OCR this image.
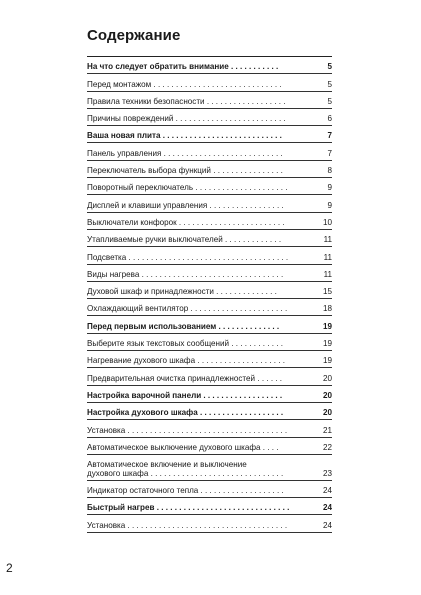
Содержание
На что следует обратить внимание . . . . . . . . . . .	5
Перед монтажом . . . . . . . . . . . . . . . . . . . . . . . . . . . . .	5
Правила техники безопасности . . . . . . . . . . . . . . . . . .	5
Причины повреждений . . . . . . . . . . . . . . . . . . . . . . . . .	6
Ваша новая плита . . . . . . . . . . . . . . . . . . . . . . . . . . .	7
Панель управления . . . . . . . . . . . . . . . . . . . . . . . . . . .	7
Переключатель выбора функций . . . . . . . . . . . . . . . .	8
Поворотный переключатель . . . . . . . . . . . . . . . . . . . . .	9
Дисплей и клавиши управления . . . . . . . . . . . . . . . . .	9
Выключатели конфорок . . . . . . . . . . . . . . . . . . . . . . . .	10
Утапливаемые ручки выключателей . . . . . . . . . . . . .	11
Подсветка . . . . . . . . . . . . . . . . . . . . . . . . . . . . . . . . . . . .	11
Виды нагрева . . . . . . . . . . . . . . . . . . . . . . . . . . . . . . . .	11
Духовой шкаф и принадлежности . . . . . . . . . . . . . .	15
Охлаждающий вентилятор . . . . . . . . . . . . . . . . . . . . . .	18
Перед первым использованием . . . . . . . . . . . . . .	19
Выберите язык текстовых сообщений . . . . . . . . . . . .	19
Нагревание духового шкафа . . . . . . . . . . . . . . . . . . . .	19
Предварительная очистка принадлежностей . . . . . .	20
Настройка варочной панели . . . . . . . . . . . . . . . . . .	20
Настройка духового шкафа . . . . . . . . . . . . . . . . . . .	20
Установка . . . . . . . . . . . . . . . . . . . . . . . . . . . . . . . . . . . .	21
Автоматическое выключение духового шкафа . . . .	22
Автоматическое включение и выключение
духового шкафа . . . . . . . . . . . . . . . . . . . . . . . . . . . . . .	23
Индикатор остаточного тепла . . . . . . . . . . . . . . . . . . .	24
Быстрый нагрев . . . . . . . . . . . . . . . . . . . . . . . . . . . . . .	24
Установка . . . . . . . . . . . . . . . . . . . . . . . . . . . . . . . . . . . .	24
2
